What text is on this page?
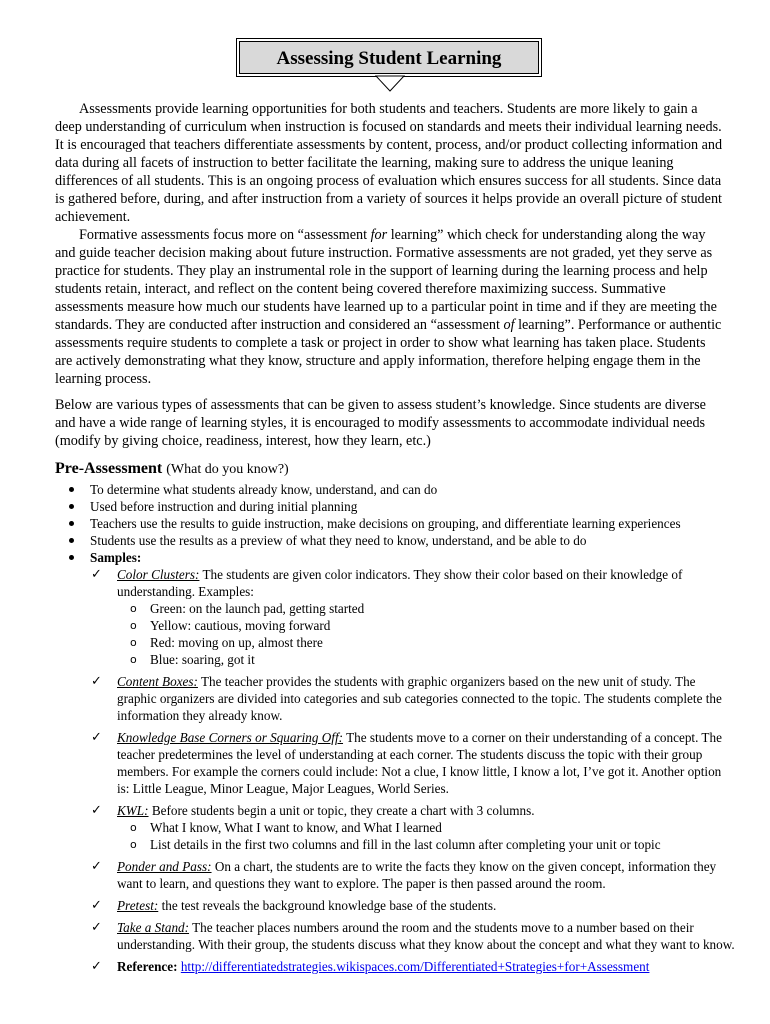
Assessing Student Learning

Assessments provide learning opportunities for both students and teachers. Students are more likely to gain a deep understanding of curriculum when instruction is focused on standards and meets their individual learning needs. It is encouraged that teachers differentiate assessments by content, process, and/or product collecting information and data during all facets of instruction to better facilitate the learning, making sure to address the unique leaning differences of all students. This is an ongoing process of evaluation which ensures success for all students. Since data is gathered before, during, and after instruction from a variety of sources it helps provide an overall picture of student achievement.

Formative assessments focus more on “assessment for learning” which check for understanding along the way and guide teacher decision making about future instruction. Formative assessments are not graded, yet they serve as practice for students. They play an instrumental role in the support of learning during the learning process and help students retain, interact, and reflect on the content being covered therefore maximizing success. Summative assessments measure how much our students have learned up to a particular point in time and if they are meeting the standards. They are conducted after instruction and considered an “assessment of learning”. Performance or authentic assessments require students to complete a task or project in order to show what learning has taken place. Students are actively demonstrating what they know, structure and apply information, therefore helping engage them in the learning process.

Below are various types of assessments that can be given to assess student’s knowledge. Since students are diverse and have a wide range of learning styles, it is encouraged to modify assessments to accommodate individual needs (modify by giving choice, readiness, interest, how they learn, etc.)

Pre-Assessment (What do you know?)

To determine what students already know, understand, and can do
Used before instruction and during initial planning
Teachers use the results to guide instruction, make decisions on grouping, and differentiate learning experiences
Students use the results as a preview of what they need to know, understand, and be able to do
Samples:
✓ Color Clusters: The students are given color indicators. They show their color based on their knowledge of understanding. Examples:
o Green: on the launch pad, getting started
o Yellow: cautious, moving forward
o Red: moving on up, almost there
o Blue: soaring, got it
✓ Content Boxes: The teacher provides the students with graphic organizers based on the new unit of study. The graphic organizers are divided into categories and sub categories connected to the topic. The students complete the information they already know.
✓ Knowledge Base Corners or Squaring Off: The students move to a corner on their understanding of a concept. The teacher predetermines the level of understanding at each corner. The students discuss the topic with their group members. For example the corners could include: Not a clue, I know little, I know a lot, I’ve got it. Another option is: Little League, Minor League, Major Leagues, World Series.
✓ KWL: Before students begin a unit or topic, they create a chart with 3 columns.
o What I know, What I want to know, and What I learned
o List details in the first two columns and fill in the last column after completing your unit or topic
✓ Ponder and Pass: On a chart, the students are to write the facts they know on the given concept, information they want to learn, and questions they want to explore. The paper is then passed around the room.
✓ Pretest: the test reveals the background knowledge base of the students.
✓ Take a Stand: The teacher places numbers around the room and the students move to a number based on their understanding. With their group, the students discuss what they know about the concept and what they want to know.
✓ Reference: http://differentiatedstrategies.wikispaces.com/Differentiated+Strategies+for+Assessment
